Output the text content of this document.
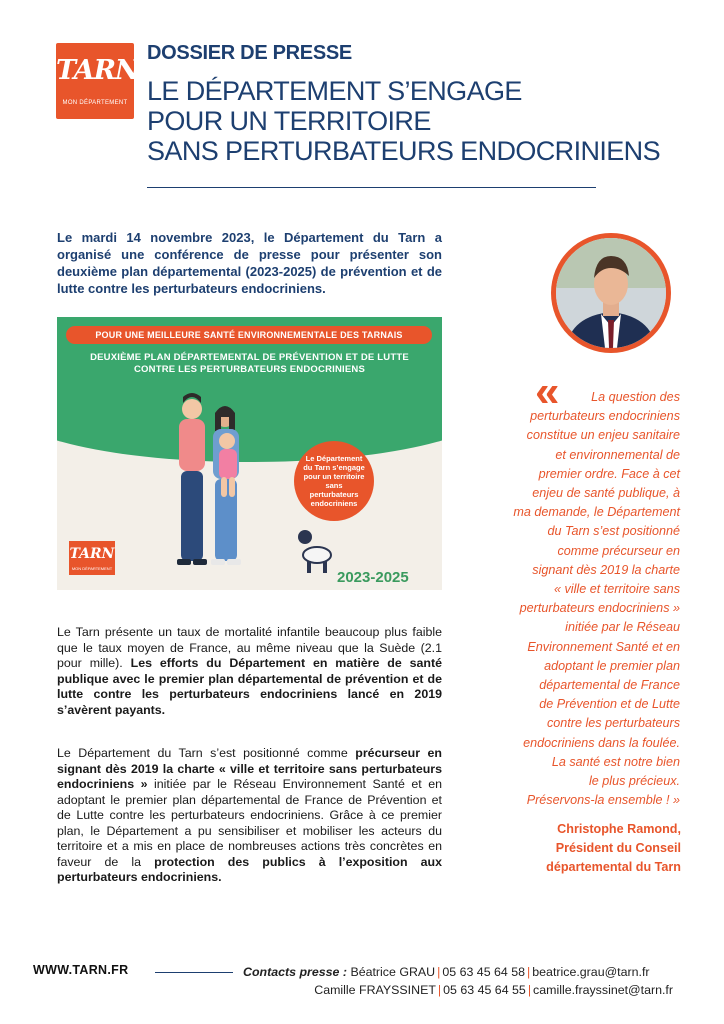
TARN
MON DÉPARTEMENT
DOSSIER DE PRESSE
LE DÉPARTEMENT S’ENGAGE
POUR UN TERRITOIRE
SANS PERTURBATEURS ENDOCRINIENS
Le mardi 14 novembre 2023, le Département du Tarn a organisé une conférence de presse pour présenter son deuxième plan départemental (2023-2025) de prévention et de lutte contre les perturbateurs endocriniens.
POUR UNE MEILLEURE SANTÉ ENVIRONNEMENTALE DES TARNAIS
DEUXIÈME PLAN DÉPARTEMENTAL DE PRÉVENTION ET DE LUTTE
CONTRE LES PERTURBATEURS ENDOCRINIENS
Le Département du Tarn s’engage pour un territoire sans perturbateurs endocriniens
TARN
MON DÉPARTEMENT
2023-2025
Le Tarn présente un taux de mortalité infantile beaucoup plus faible que le taux moyen de France, au même niveau que la Suède (2.1 pour mille). Les efforts du Département en matière de santé publique avec le premier plan départemental de prévention et de lutte contre les perturbateurs endocriniens lancé en 2019 s’avèrent payants.
Le Département du Tarn s’est positionné comme précurseur en signant dès 2019 la charte « ville et territoire sans perturbateurs endocriniens » initiée par le Réseau Environnement Santé et en adoptant le premier plan départemental de France de Prévention et de Lutte contre les perturbateurs endocriniens. Grâce à ce premier plan, le Département a pu sensibiliser et mobiliser les acteurs du territoire et a mis en place de nombreuses actions très concrètes en faveur de la protection des publics à l’exposition aux perturbateurs endocriniens.
«	La question des
perturbateurs endocriniens
constitue un enjeu sanitaire
et environnemental de
premier ordre. Face à cet
enjeu de santé publique, à
ma demande, le Département
du Tarn s’est positionné
comme précurseur en
signant dès 2019 la charte
« ville et territoire sans
perturbateurs endocriniens »
initiée par le Réseau
Environnement Santé et en
adoptant le premier plan
départemental de France
de Prévention et de Lutte
contre les perturbateurs
endocriniens dans la foulée.
La santé est notre bien
le plus précieux.
Préservons-la ensemble ! »
Christophe Ramond,
Président du Conseil
départemental du Tarn
WWW.TARN.FR	Contacts presse : Béatrice GRAU | 05 63 45 64 58 | beatrice.grau@tarn.fr
Camille FRAYSSINET | 05 63 45 64 55 | camille.frayssinet@tarn.fr
